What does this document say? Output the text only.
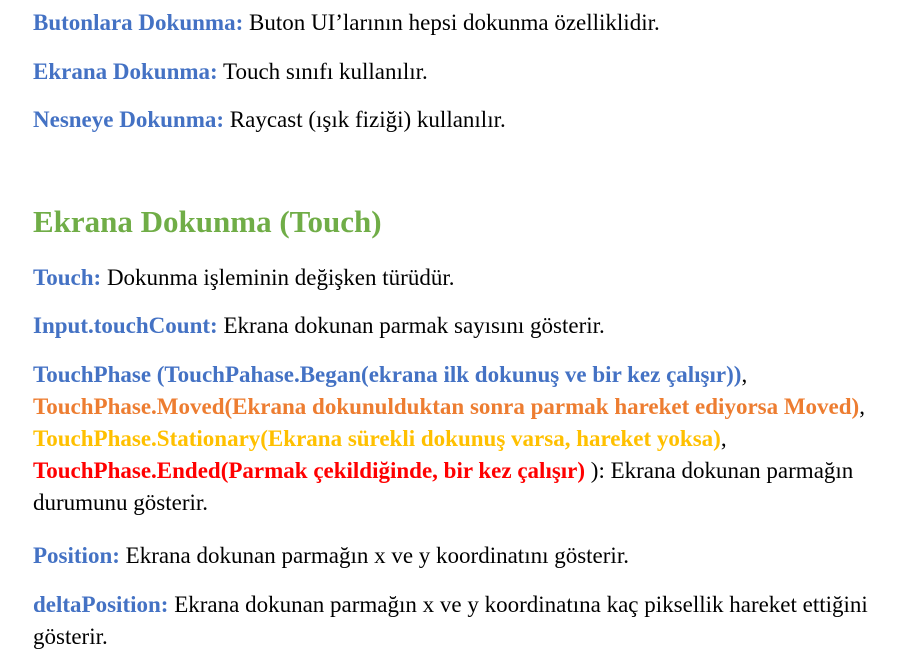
Butonlara Dokunma: Buton UI’larının hepsi dokunma özelliklidir.

Ekrana Dokunma: Touch sınıfı kullanılır.

Nesneye Dokunma: Raycast (ışık fiziği) kullanılır.

Ekrana Dokunma (Touch)

Touch: Dokunma işleminin değişken türüdür.

Input.touchCount: Ekrana dokunan parmak sayısını gösterir.

TouchPhase (TouchPahase.Began(ekrana ilk dokunuş ve bir kez çalışır)), TouchPhase.Moved(Ekrana dokunulduktan sonra parmak hareket ediyorsa Moved), TouchPhase.Stationary(Ekrana sürekli dokunuş varsa, hareket yoksa), TouchPhase.Ended(Parmak çekildiğinde, bir kez çalışır) ): Ekrana dokunan parmağın durumunu gösterir.

Position: Ekrana dokunan parmağın x ve y koordinatını gösterir.

deltaPosition: Ekrana dokunan parmağın x ve y koordinatına kaç piksellik hareket ettiğini gösterir.
